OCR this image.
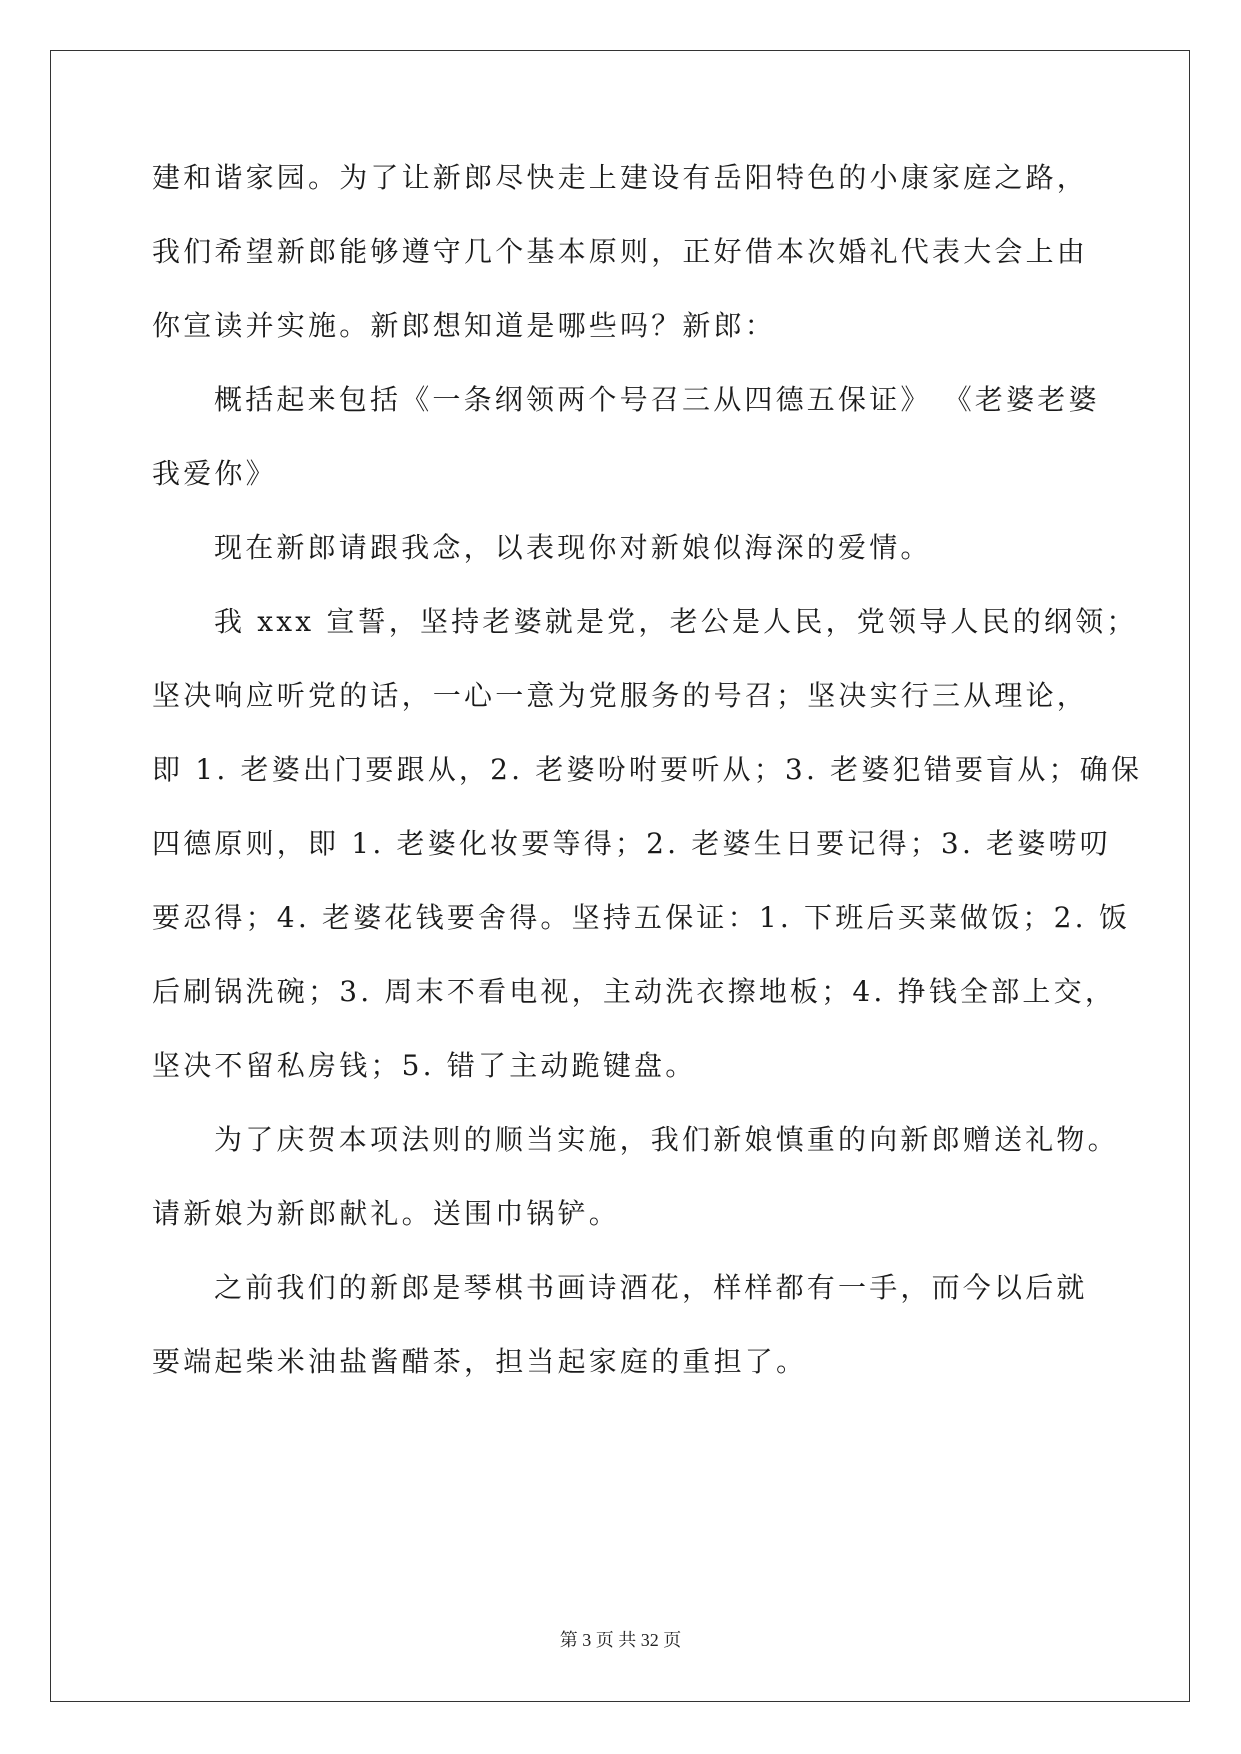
建和谐家园。为了让新郎尽快走上建设有岳阳特色的小康家庭之路，
我们希望新郎能够遵守几个基本原则，正好借本次婚礼代表大会上由
你宣读并实施。新郎想知道是哪些吗？新郎：
概括起来包括《一条纲领两个号召三从四德五保证》 《老婆老婆
我爱你》
现在新郎请跟我念，以表现你对新娘似海深的爱情。
我 xxx 宣誓，坚持老婆就是党，老公是人民，党领导人民的纲领；
坚决响应听党的话，一心一意为党服务的号召；坚决实行三从理论，
即 1. 老婆出门要跟从，2. 老婆吩咐要听从；3. 老婆犯错要盲从；确保
四德原则，即 1. 老婆化妆要等得；2. 老婆生日要记得；3. 老婆唠叨
要忍得；4. 老婆花钱要舍得。坚持五保证：1. 下班后买菜做饭；2. 饭
后刷锅洗碗；3. 周末不看电视，主动洗衣擦地板；4. 挣钱全部上交，
坚决不留私房钱；5. 错了主动跪键盘。
为了庆贺本项法则的顺当实施，我们新娘慎重的向新郎赠送礼物。
请新娘为新郎献礼。送围巾锅铲。
之前我们的新郎是琴棋书画诗酒花，样样都有一手，而今以后就
要端起柴米油盐酱醋茶，担当起家庭的重担了。
第 3 页 共 32 页
